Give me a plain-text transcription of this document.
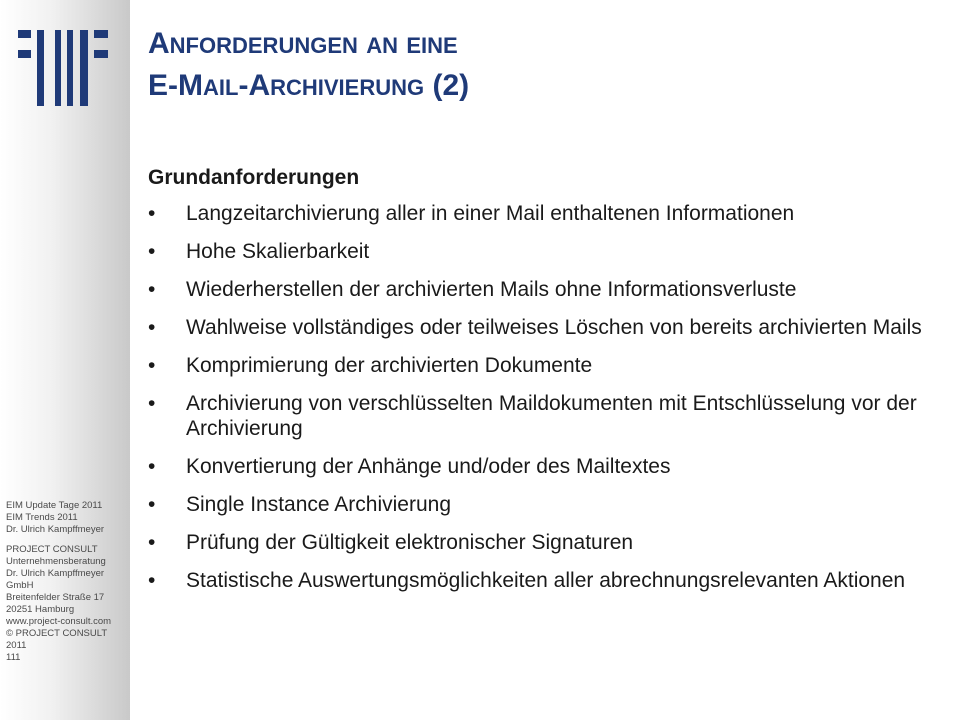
EIM Update Tage 2011
EIM Trends 2011
Dr. Ulrich Kampffmeyer
PROJECT CONSULT
Unternehmensberatung
Dr. Ulrich Kampffmeyer GmbH
Breitenfelder Straße 17
20251 Hamburg
www.project-consult.com
© PROJECT CONSULT 2011
111
ANFORDERUNGEN AN EINE
E-MAIL-ARCHIVIERUNG (2)
Grundanforderungen
• Langzeitarchivierung aller in einer Mail enthaltenen Informationen
• Hohe Skalierbarkeit
• Wiederherstellen der archivierten Mails ohne Informationsverluste
• Wahlweise vollständiges oder teilweises Löschen von bereits archivierten Mails
• Komprimierung der archivierten Dokumente
• Archivierung von verschlüsselten Maildokumenten mit Entschlüsselung vor der Archivierung
• Konvertierung der Anhänge und/oder des Mailtextes
• Single Instance Archivierung
• Prüfung der Gültigkeit elektronischer Signaturen
• Statistische Auswertungsmöglichkeiten aller abrechnungsrelevanten Aktionen
